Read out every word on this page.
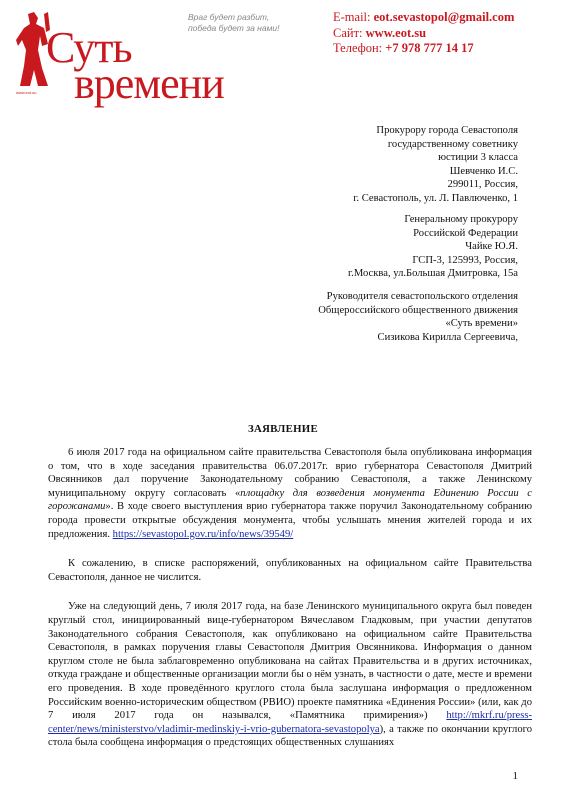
Суть
времени
www.eot.su
Враг будет разбит,
победа будет за нами!
E-mail: eot.sevastopol@gmail.com
Сайт: www.eot.su
Телефон: +7 978 777 14 17
Прокурору города Севастополя
государственному советнику
юстиции 3 класса
Шевченко И.С.
299011, Россия,
г. Севастополь, ул. Л. Павлюченко, 1
Генеральному прокурору
Российской Федерации
Чайке Ю.Я.
ГСП-3, 125993, Россия,
г.Москва, ул.Большая Дмитровка, 15а
Руководителя севастопольского отделения
Общероссийского общественного движения
«Суть времени»
Сизикова Кирилла Сергеевича,
ЗАЯВЛЕНИЕ

6 июля 2017 года на официальном сайте правительства Севастополя была опубликована информация о том, что в ходе заседания правительства 06.07.2017г. врио губернатора Севастополя Дмитрий Овсянников дал поручение Законодательному собранию Севастополя, а также Ленинскому муниципальному округу согласовать «площадку для возведения монумента Единению России с горожанами». В ходе своего выступления врио губернатора также поручил Законодательному собранию города провести открытые обсуждения монумента, чтобы услышать мнения жителей города и их предложения. https://sevastopol.gov.ru/info/news/39549/

К сожалению, в списке распоряжений, опубликованных на официальном сайте Правительства Севастополя, данное не числится.

Уже на следующий день, 7 июля 2017 года, на базе Ленинского муниципального округа был поведен круглый стол, инициированный вице-губернатором Вячеславом Гладковым, при участии депутатов Законодательного собрания Севастополя, как опубликовано на официальном сайте Правительства Севастополя, в рамках поручения главы Севастополя Дмитрия Овсянникова. Информация о данном круглом столе не была заблаговременно опубликована на сайтах Правительства и в других источниках, откуда граждане и общественные организации могли бы о нём узнать, в частности о дате, месте и времени его проведения. В ходе проведённого круглого стола была заслушана информация о предложенном Российским военно-историческим обществом (РВИО) проекте памятника «Единения России» (или, как до 7 июля 2017 года он назывался, «Памятника примирения») http://mkrf.ru/press-center/news/ministerstvo/vladimir-medinskiy-i-vrio-gubernatora-sevastopolya), а также по окончании круглого стола была сообщена информация о предстоящих общественных слушаниях

1
